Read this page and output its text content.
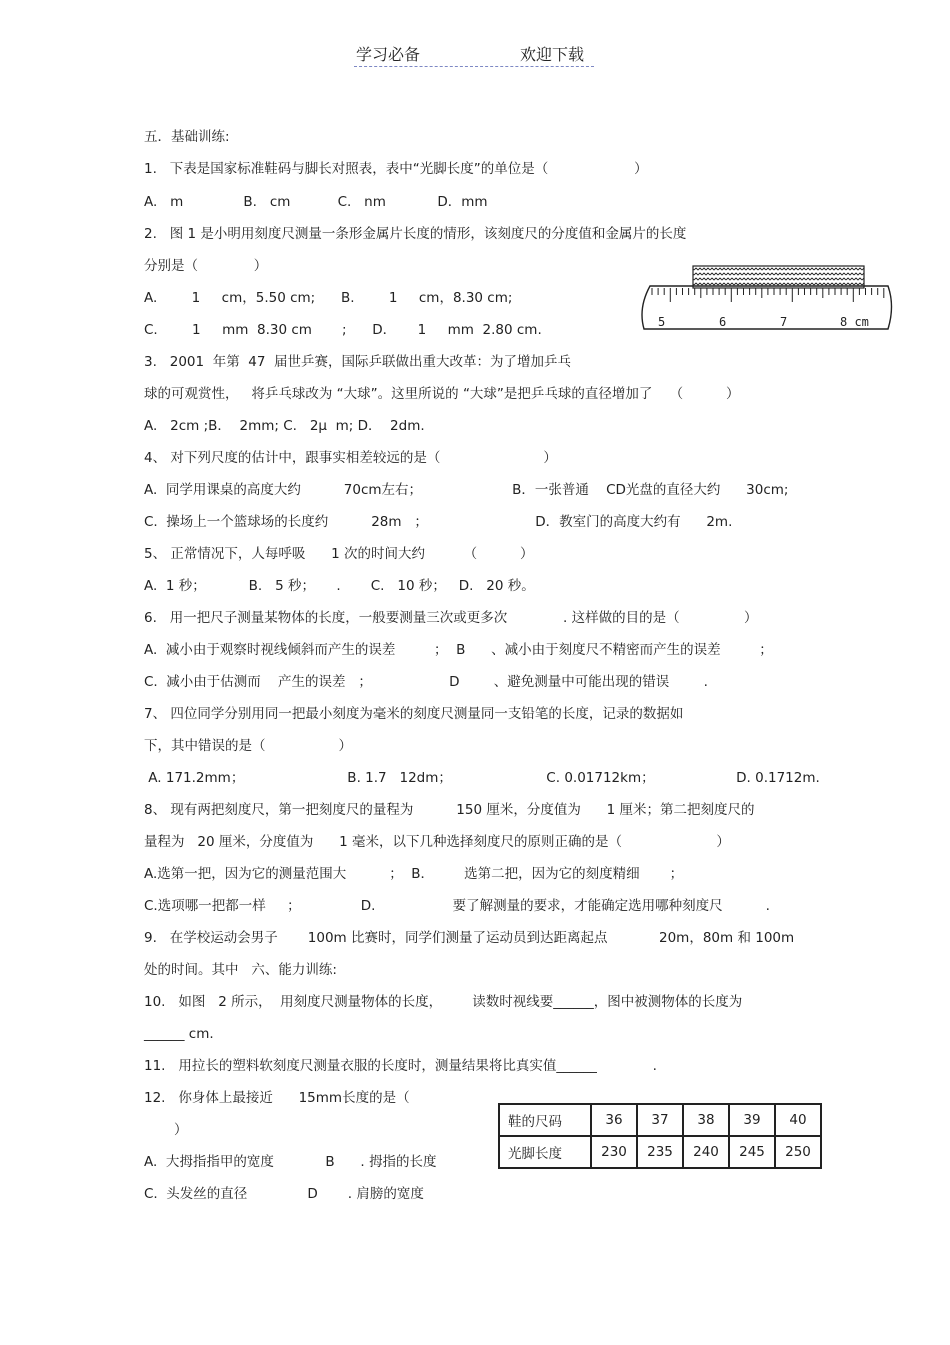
学习必备	欢迎下载
五．基础训练:
1.   下表是国家标准鞋码与脚长对照表，表中“光脚长度”的单位是（                    ）
A.   m              B.   cm           C.   nm            D．mm
2.   图 1 是小明用刻度尺测量一条形金属片长度的情形，该刻度尺的分度值和金属片的长度
分别是（             ）
A.        1     cm，5.50 cm;      B.        1     cm，8.30 cm;
C.        1     mm  8.30 cm       ;      D．     1     mm  2.80 cm.
3.   2001  年第  47  届世乒赛，国际乒联做出重大改革：为了增加乒乓
球的可观赏性，   将乒乓球改为 “大球”。这里所说的 “大球”是把乒乓球的直径增加了    （          ）
A.   2cm ;B．  2mm; C.   2μ  m; D．  2dm.
4、 对下列尺度的估计中，跟事实相差较远的是（                        ）
A.  同学用课桌的高度大约          70cm左右；                     B．一张普通    CD光盘的直径大约      30cm;
C.  操场上一个篮球场的长度约          28m   ；                         D．教室门的高度大约有      2m.
5、 正常情况下，人每呼吸      1 次的时间大约         （          ）
A.  1 秒；          B.   5 秒；     .       C.   10 秒；   D.   20 秒。
6.   用一把尺子测量某物体的长度，一般要测量三次或更多次             . 这样做的目的是（               ）
A.  减小由于观察时视线倾斜而产生的误差         ；  B      、减小由于刻度尺不精密而产生的误差         ；
C.  减小由于估测而    产生的误差   ；                  D        、避免测量中可能出现的错误        .
7、 四位同学分别用同一把最小刻度为毫米的刻度尺测量同一支铅笔的长度，记录的数据如
下，其中错误的是（                 ）
A. 171.2mm；                        B. 1.7   12dm；                      C. 0.01712km；                   D. 0.1712m.
8、 现有两把刻度尺，第一把刻度尺的量程为          150 厘米，分度值为      1 厘米；第二把刻度尺的
量程为   20 厘米，分度值为      1 毫米，以下几种选择刻度尺的原则正确的是（                      ）
A.选第一把，因为它的测量范围大          ；  B．       选第二把，因为它的刻度精细       ；
C.选项哪一把都一样     ；              D.                  要了解测量的要求，才能确定选用哪种刻度尺          .
9.   在学校运动会男子       100m 比赛时，同学们测量了运动员到达距离起点            20m，80m 和 100m
处的时间。其中   六、能力训练:
10.   如图   2 所示，  用刻度尺测量物体的长度，       读数时视线要______，图中被测物体的长度为
______ cm.
11.   用拉长的塑料软刻度尺测量衣服的长度时，测量结果将比真实值______             .
12.   你身体上最接近      15mm长度的是（
）
A.  大拇指指甲的宽度            B      . 拇指的长度
C.  头发丝的直径              D       . 肩膀的宽度
5	6	7	8 cm
鞋的尺码	36	37	38	39	40
光脚长度	230	235	240	245	250
